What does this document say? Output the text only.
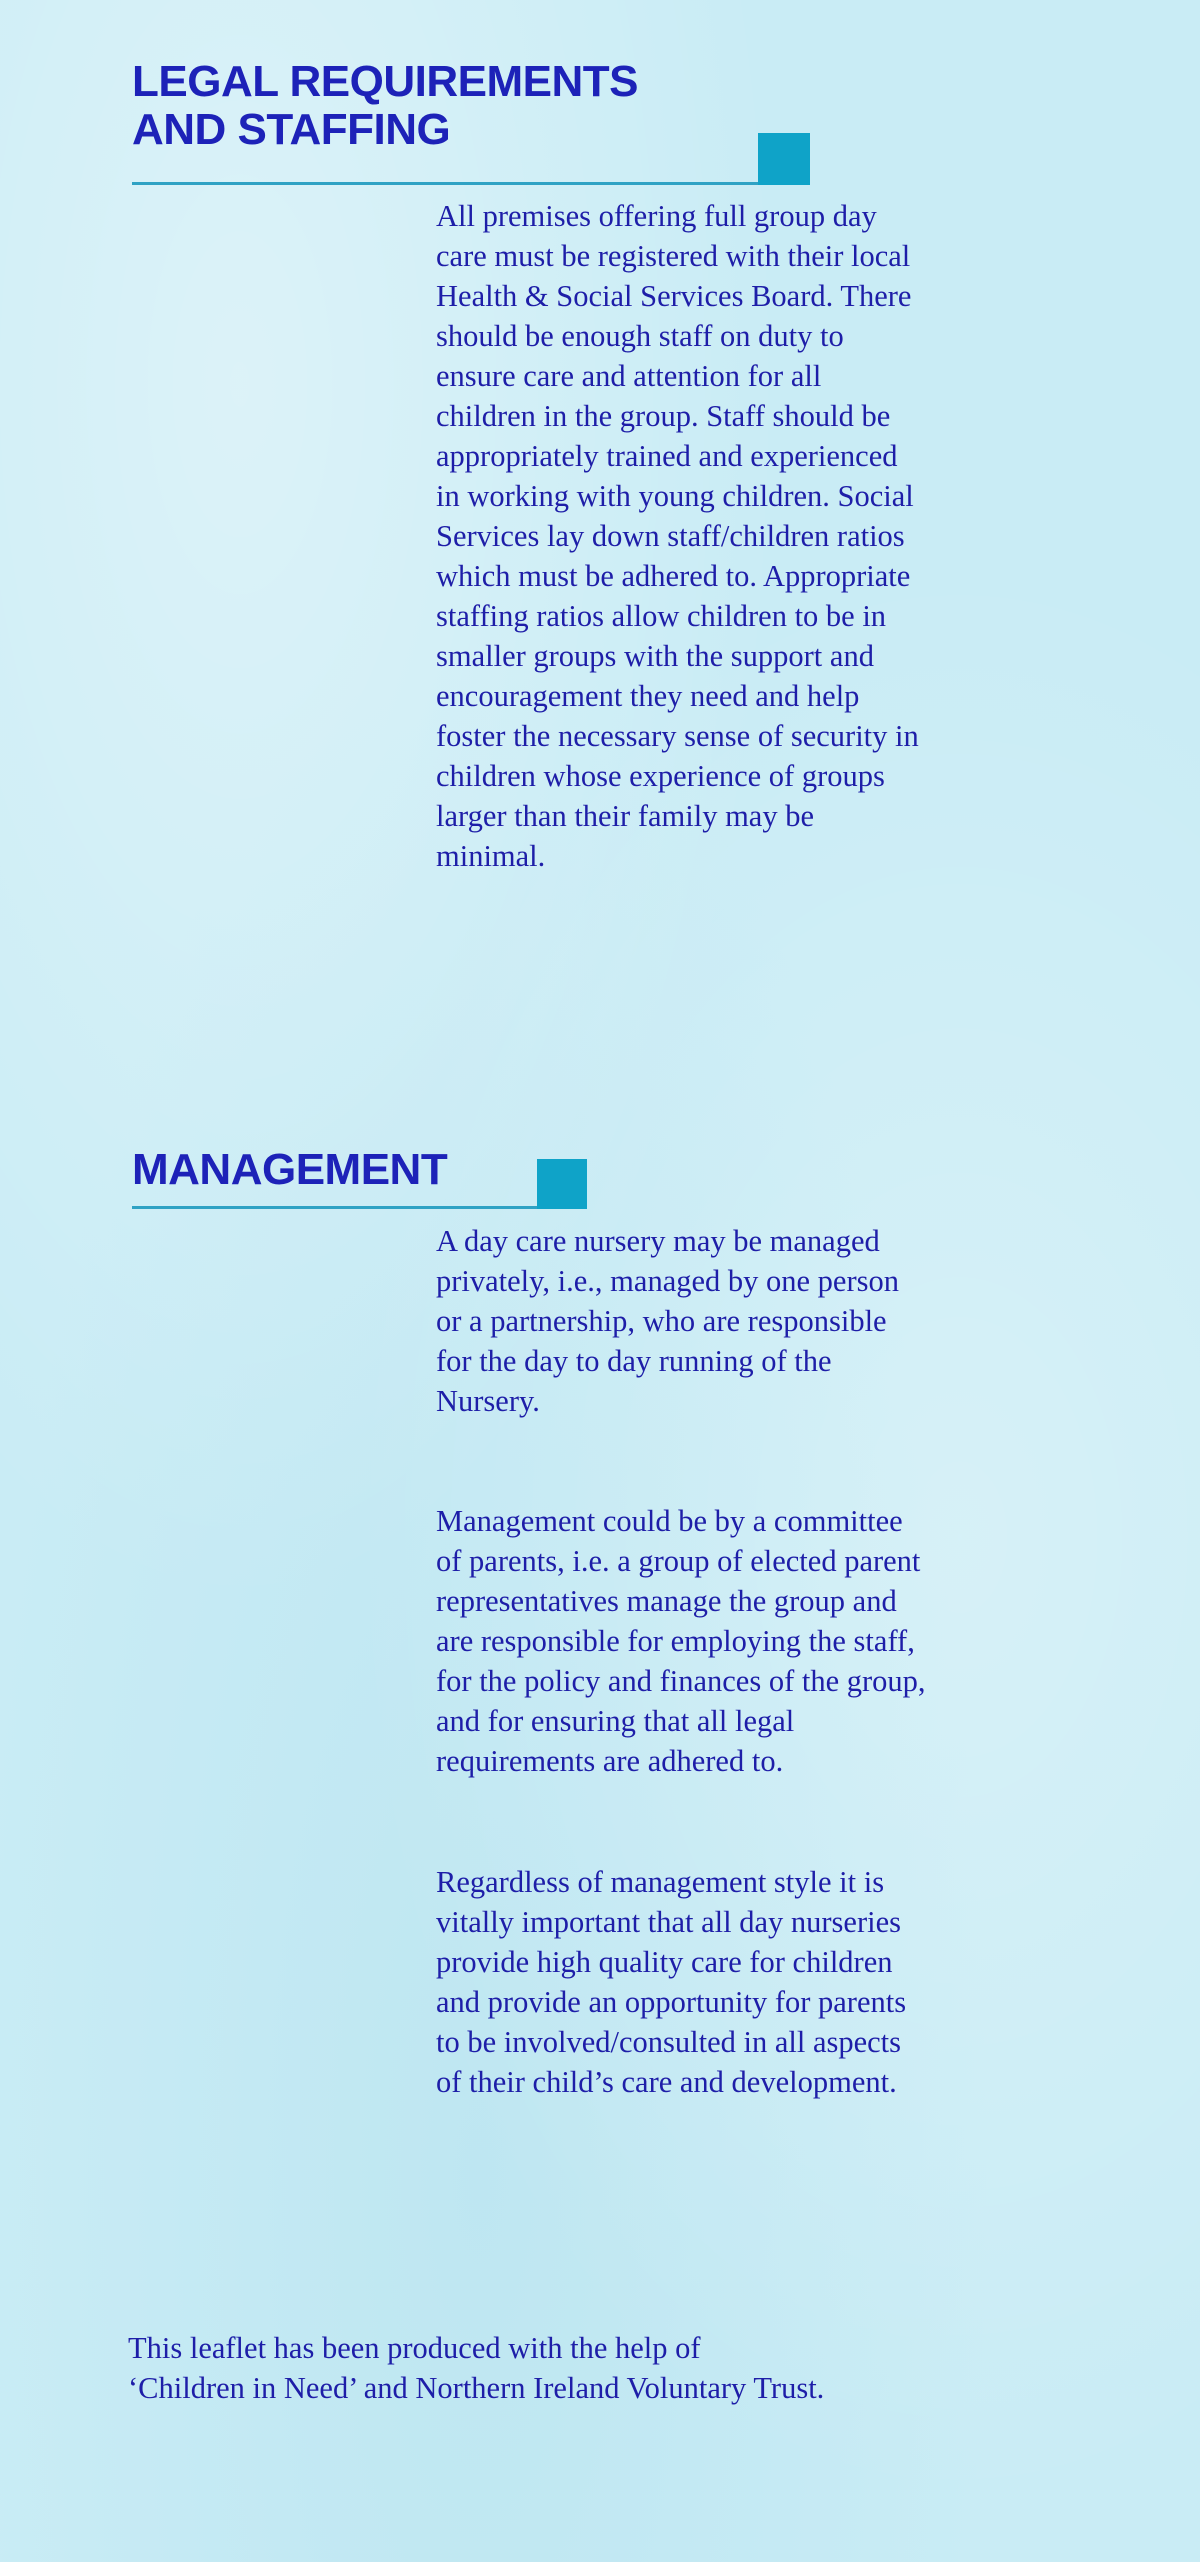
LEGAL REQUIREMENTS
AND STAFFING

All premises offering full group day
care must be registered with their local
Health & Social Services Board. There
should be enough staff on duty to
ensure care and attention for all
children in the group. Staff should be
appropriately trained and experienced
in working with young children. Social
Services lay down staff/children ratios
which must be adhered to. Appropriate
staffing ratios allow children to be in
smaller groups with the support and
encouragement they need and help
foster the necessary sense of security in
children whose experience of groups
larger than their family may be
minimal.

MANAGEMENT

A day care nursery may be managed
privately, i.e., managed by one person
or a partnership, who are responsible
for the day to day running of the
Nursery.

Management could be by a committee
of parents, i.e. a group of elected parent
representatives manage the group and
are responsible for employing the staff,
for the policy and finances of the group,
and for ensuring that all legal
requirements are adhered to.

Regardless of management style it is
vitally important that all day nurseries
provide high quality care for children
and provide an opportunity for parents
to be involved/consulted in all aspects
of their child’s care and development.

This leaflet has been produced with the help of
‘Children in Need’ and Northern Ireland Voluntary Trust.
